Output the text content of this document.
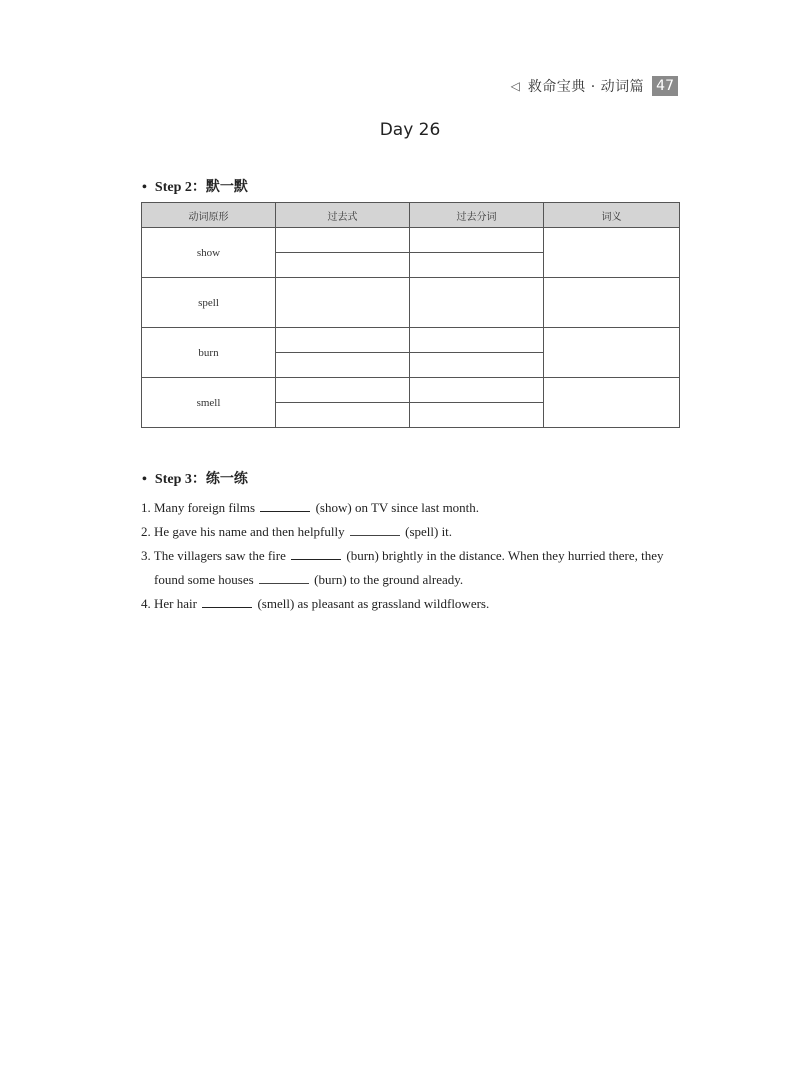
◁ 救命宝典 · 动词篇 47
Day 26
• Step 2：默一默
动词原形	过去式	过去分词	词义
show			

spell			
burn			

smell			

• Step 3：练一练

1. Many foreign films	(show) on TV since last month.

2. He gave his name and then helpfully	(spell) it.

3. The villagers saw the fire	(burn) brightly in the distance. When they hurried there, they

found some houses	(burn) to the ground already.

4. Her hair	(smell) as pleasant as grassland wildflowers.
